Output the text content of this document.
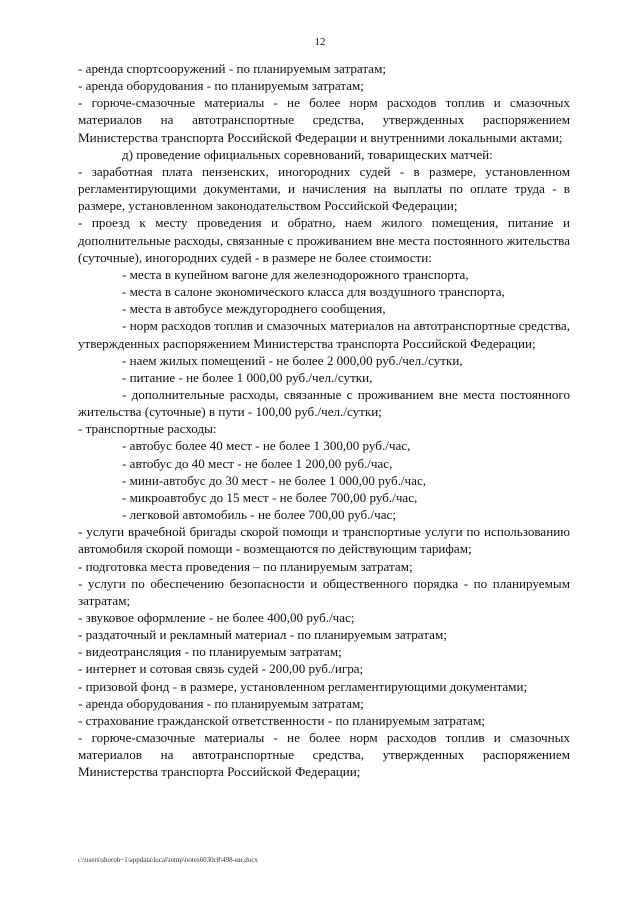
12

- аренда спортсооружений - по планируемым затратам;

- аренда оборудования - по планируемым затратам;

- горюче-смазочные материалы - не более норм расходов топлив и смазочных материалов на автотранспортные средства, утвержденных распоряжением Министерства транспорта Российской Федерации и внутренними локальными актами;

д) проведение официальных соревнований, товарищеских матчей:

- заработная плата пензенских, иногородних судей - в размере, установленном регламентирующими документами, и начисления на выплаты по оплате труда - в размере, установленном законодательством Российской Федерации;

- проезд к месту проведения и обратно, наем жилого помещения, питание и дополнительные расходы, связанные с проживанием вне места постоянного жительства (суточные), иногородних судей - в размере не более стоимости:

- места в купейном вагоне для железнодорожного транспорта,

- места в салоне экономического класса для воздушного транспорта,

- места в автобусе междугороднего сообщения,

- норм расходов топлив и смазочных материалов на автотранспортные средства, утвержденных распоряжением Министерства транспорта Российской Федерации;

- наем жилых помещений - не более 2 000,00 руб./чел./сутки,

- питание - не более 1 000,00 руб./чел./сутки,

- дополнительные расходы, связанные с проживанием вне места постоянного жительства (суточные) в пути - 100,00 руб./чел./сутки;

- транспортные расходы:

- автобус более 40 мест - не более 1 300,00 руб./час,

- автобус до 40 мест - не более 1 200,00 руб./час,

- мини-автобус до 30 мест - не более 1 000,00 руб./час,

- микроавтобус до 15 мест - не более 700,00 руб./час,

- легковой автомобиль - не более 700,00 руб./час;

- услуги врачебной бригады скорой помощи и транспортные услуги по использованию автомобиля скорой помощи - возмещаются по действующим тарифам;

- подготовка места проведения – по планируемым затратам;

- услуги по обеспечению безопасности и общественного порядка - по планируемым затратам;

- звуковое оформление - не более 400,00 руб./час;

- раздаточный и рекламный материал - по планируемым затратам;

- видеотрансляция - по планируемым затратам;

- интернет и сотовая связь судей - 200,00 руб./игра;

- призовой фонд - в размере, установленном регламентирующими документами;

- аренда оборудования - по планируемым затратам;

- страхование гражданской ответственности - по планируемым затратам;

- горюче-смазочные материалы - не более норм расходов топлив и смазочных материалов на автотранспортные средства, утвержденных распоряжением Министерства транспорта Российской Федерации;

c:\users\shoroh~1\appdata\local\temp\notes6030c8\498-ии.docx
